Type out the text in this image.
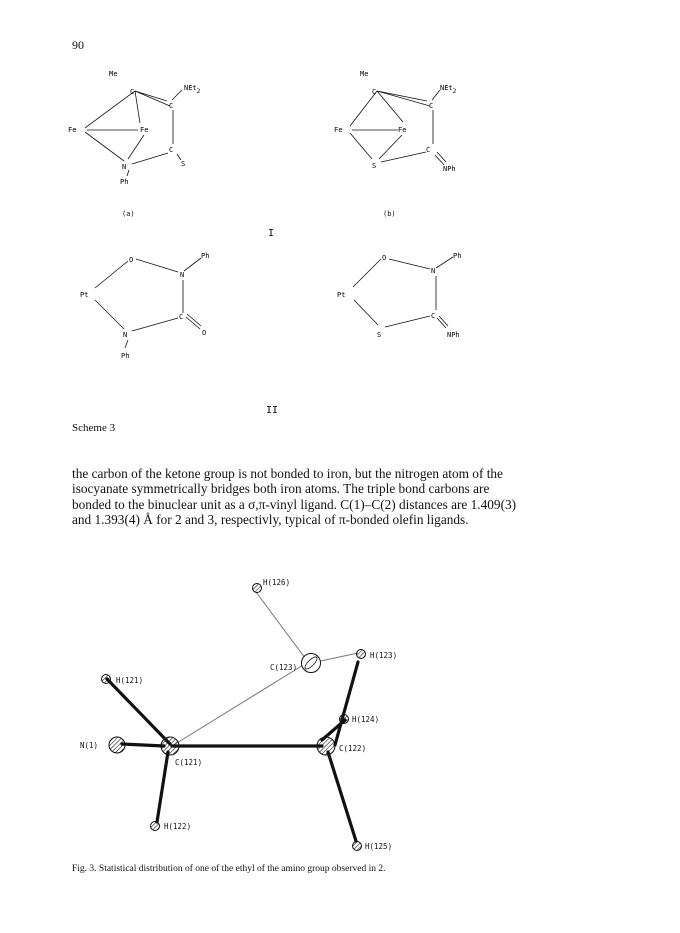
90
Me
C	NEt2
C
Fe	Fe
C
S
N
Ph
(a)
Me
C	NEt2
C
Fe	Fe
C
S	NPh
(b)
I
O	Ph
N
Pt
C
O
N
Ph
O	Ph
N
Pt
C
S	NPh
II
Scheme 3

the carbon of the ketone group is not bonded to iron, but the nitrogen atom of the

isocyanate symmetrically bridges both iron atoms. The triple bond carbons are

bonded to the binuclear unit as a σ,π-vinyl ligand. C(1)–C(2) distances are 1.409(3)

and 1.393(4) Å for 2 and 3, respectivly, typical of π-bonded olefin ligands.

H(126)
C(123)
H(123)
H(121)
H(124)
N(1)	C(122)
C(121)
H(122)
H(125)
Fig. 3. Statistical distribution of one of the ethyl of the amino group observed in 2.
